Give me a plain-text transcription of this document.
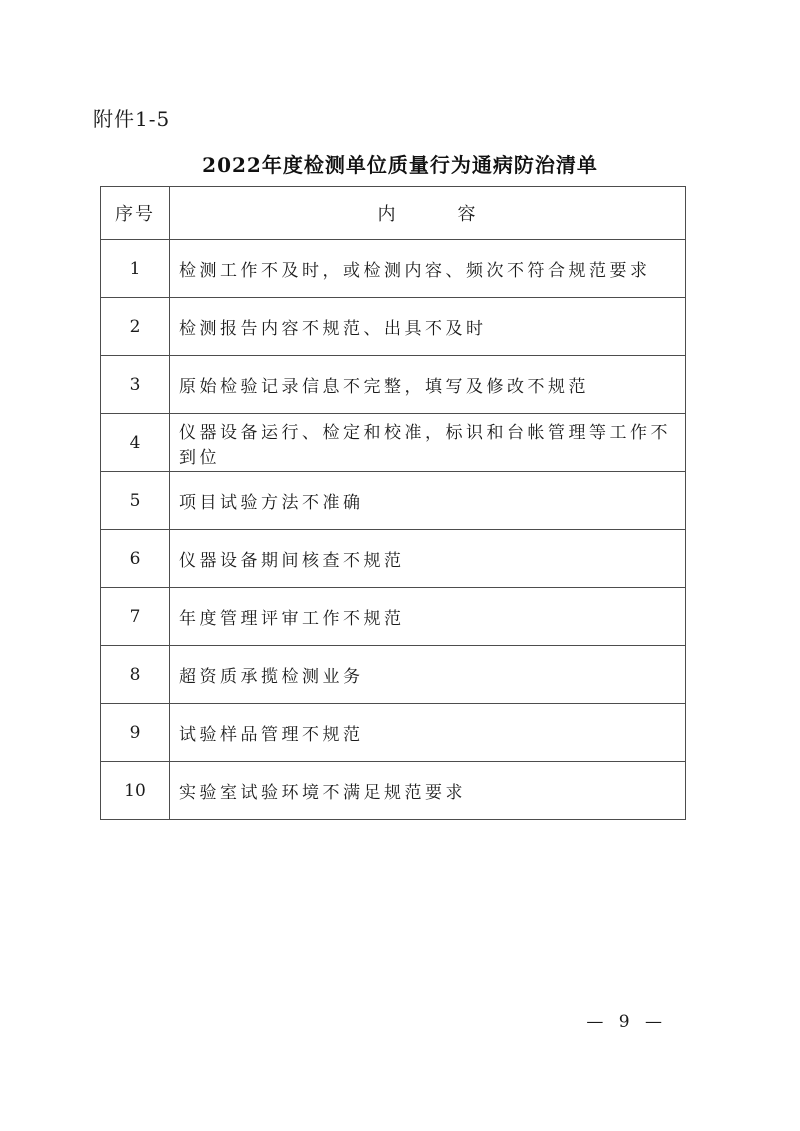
附件1-5
2022年度检测单位质量行为通病防治清单
序号	内　　　容
1	检测工作不及时，或检测内容、频次不符合规范要求
2	检测报告内容不规范、出具不及时
3	原始检验记录信息不完整，填写及修改不规范
4	仪器设备运行、检定和校准，标识和台帐管理等工作不到位
5	项目试验方法不准确
6	仪器设备期间核查不规范
7	年度管理评审工作不规范
8	超资质承揽检测业务
9	试验样品管理不规范
10	实验室试验环境不满足规范要求
— 9 —
